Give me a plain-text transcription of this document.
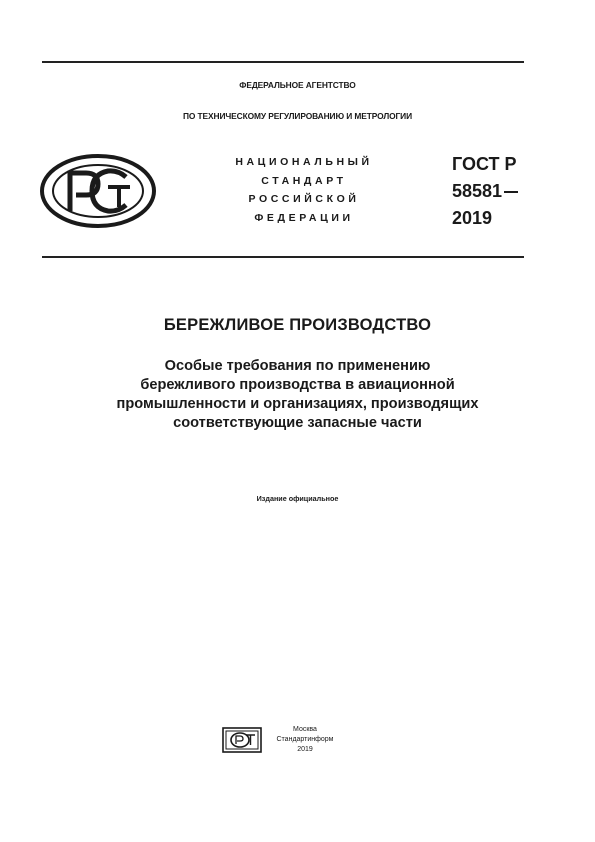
ФЕДЕРАЛЬНОЕ АГЕНТСТВО
ПО ТЕХНИЧЕСКОМУ РЕГУЛИРОВАНИЮ И МЕТРОЛОГИИ
НАЦИОНАЛЬНЫЙ
СТАНДАРТ
РОССИЙСКОЙ
ФЕДЕРАЦИИ
ГОСТ Р
58581
2019
БЕРЕЖЛИВОЕ ПРОИЗВОДСТВО
Особые требования по применению
бережливого производства в авиационной
промышленности и организациях, производящих
соответствующие запасные части
Издание официальное
Москва
Стандартинформ
2019
